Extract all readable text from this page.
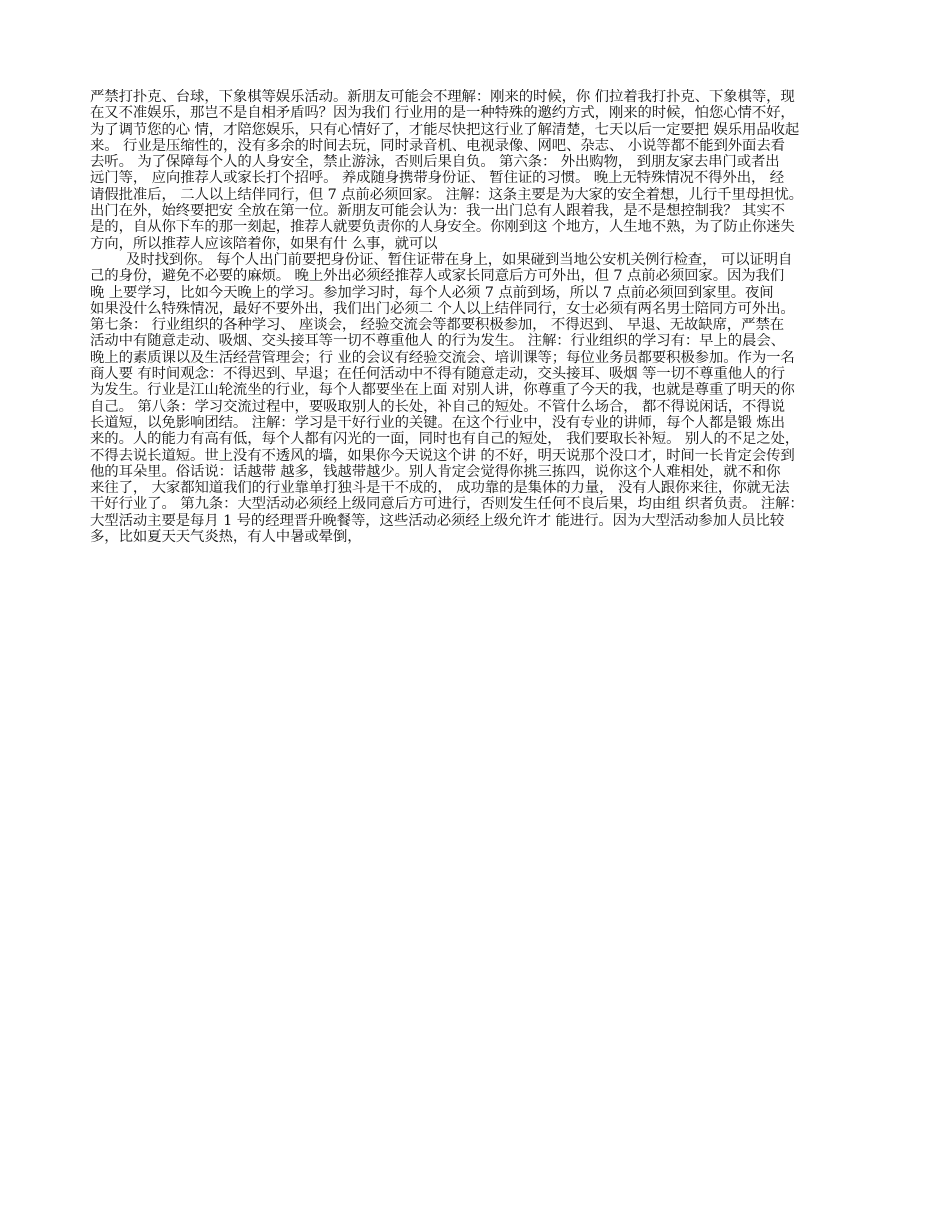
严禁打扑克、台球，下象棋等娱乐活动。新朋友可能会不理解：刚来的时候，你 们拉着我打扑克、下象棋等，现
在又不准娱乐，那岂不是自相矛盾吗？因为我们 行业用的是一种特殊的邀约方式，刚来的时候，怕您心情不好，
为了调节您的心 情，才陪您娱乐，只有心情好了，才能尽快把这行业了解清楚，七天以后一定要把 娱乐用品收起
来。 行业是压缩性的，没有多余的时间去玩，同时录音机、电视录像、网吧、杂志、 小说等都不能到外面去看
去听。 为了保障每个人的人身安全，禁止游泳，否则后果自负。 第六条： 外出购物， 到朋友家去串门或者出
远门等， 应向推荐人或家长打个招呼。 养成随身携带身份证、 暂住证的习惯。 晚上无特殊情况不得外出， 经
请假批准后， 二人以上结伴同行，但 7 点前必须回家。 注解：这条主要是为大家的安全着想，儿行千里母担忧。
出门在外，始终要把安 全放在第一位。新朋友可能会认为：我一出门总有人跟着我，是不是想控制我？ 其实不
是的，自从你下车的那一刻起，推荐人就要负责你的人身安全。你刚到这 个地方，人生地不熟，为了防止你迷失
方向，所以推荐人应该陪着你，如果有什 么事，就可以
及时找到你。 每个人出门前要把身份证、暂住证带在身上，如果碰到当地公安机关例行检查， 可以证明自
己的身份，避免不必要的麻烦。 晚上外出必须经推荐人或家长同意后方可外出，但 7 点前必须回家。因为我们
晚 上要学习，比如今天晚上的学习。参加学习时，每个人必须 7 点前到场，所以 7 点前必须回到家里。夜间
如果没什么特殊情况，最好不要外出，我们出门必须二 个人以上结伴同行，女士必须有两名男士陪同方可外出。
第七条： 行业组织的各种学习、 座谈会， 经验交流会等都要积极参加， 不得迟到、 早退、无故缺席，严禁在
活动中有随意走动、吸烟、交头接耳等一切不尊重他人 的行为发生。 注解：行业组织的学习有：早上的晨会、
晚上的素质课以及生活经营管理会；行 业的会议有经验交流会、培训课等；每位业务员都要积极参加。作为一名
商人要 有时间观念：不得迟到、早退；在任何活动中不得有随意走动，交头接耳、吸烟 等一切不尊重他人的行
为发生。行业是江山轮流坐的行业，每个人都要坐在上面 对别人讲，你尊重了今天的我，也就是尊重了明天的你
自己。 第八条：学习交流过程中，要吸取别人的长处，补自己的短处。不管什么场合， 都不得说闲话，不得说
长道短，以免影响团结。 注解：学习是干好行业的关键。在这个行业中，没有专业的讲师，每个人都是锻 炼出
来的。人的能力有高有低，每个人都有闪光的一面，同时也有自己的短处， 我们要取长补短。 别人的不足之处，
不得去说长道短。世上没有不透风的墙，如果你今天说这个讲 的不好，明天说那个没口才，时间一长肯定会传到
他的耳朵里。俗话说：话越带 越多，钱越带越少。别人肯定会觉得你挑三拣四，说你这个人难相处，就不和你
来往了， 大家都知道我们的行业靠单打独斗是干不成的， 成功靠的是集体的力量， 没有人跟你来往，你就无法
干好行业了。 第九条：大型活动必须经上级同意后方可进行，否则发生任何不良后果，均由组 织者负责。 注解：
大型活动主要是每月 1 号的经理晋升晚餐等，这些活动必须经上级允许才 能进行。因为大型活动参加人员比较
多，比如夏天天气炎热，有人中暑或晕倒，
